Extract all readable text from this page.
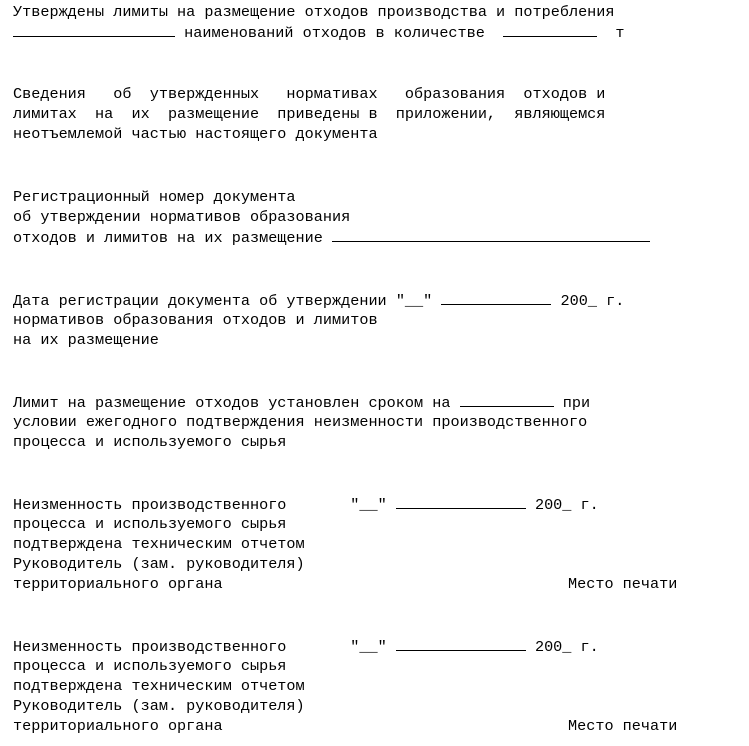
Утверждены лимиты на размещение отходов производства и потребления
наименований отходов в количестве	т
Сведения   об  утвержденных   нормативах   образования  отходов и
лимитах  на  их  размещение  приведены в  приложении,  являющемся
неотъемлемой частью настоящего документа
Регистрационный номер документа
об утверждении нормативов образования
отходов и лимитов на их размещение
Дата регистрации документа об утверждении "__"	200_ г.
нормативов образования отходов и лимитов
на их размещение
Лимит на размещение отходов установлен сроком на	при
условии ежегодного подтверждения неизменности производственного
процесса и используемого сырья
Неизменность производственного	"__"	200_ г.
процесса и используемого сырья
подтверждена техническим отчетом
Руководитель (зам. руководителя)
территориального органа	Место печати
Неизменность производственного	"__"	200_ г.
процесса и используемого сырья
подтверждена техническим отчетом
Руководитель (зам. руководителя)
территориального органа	Место печати
